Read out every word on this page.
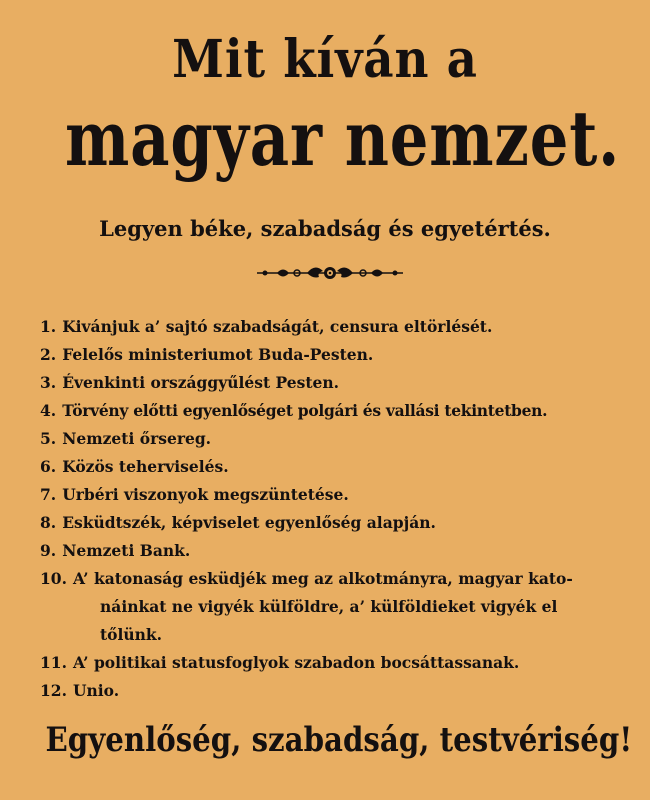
Mit kíván a
magyar nemzet.
Legyen béke, szabadság és egyetértés.
1. Kivánjuk a’ sajtó szabadságát, censura eltörlését.
2. Felelős ministeriumot Buda-Pesten.
3. Évenkinti országgyűlést Pesten.
4. Törvény előtti egyenlőséget polgári és vallási tekintetben.
5. Nemzeti őrsereg.
6. Közös teherviselés.
7. Urbéri viszonyok megszüntetése.
8. Esküdtszék, képviselet egyenlőség alapján.
9. Nemzeti Bank.
10. A’ katonaság esküdjék meg az alkotmányra, magyar kato-
náinkat ne vigyék külföldre, a’ külföldieket vigyék el
tőlünk.
11. A’ politikai statusfoglyok szabadon bocsáttassanak.
12. Unio.
Egyenlőség, szabadság, testvériség!
